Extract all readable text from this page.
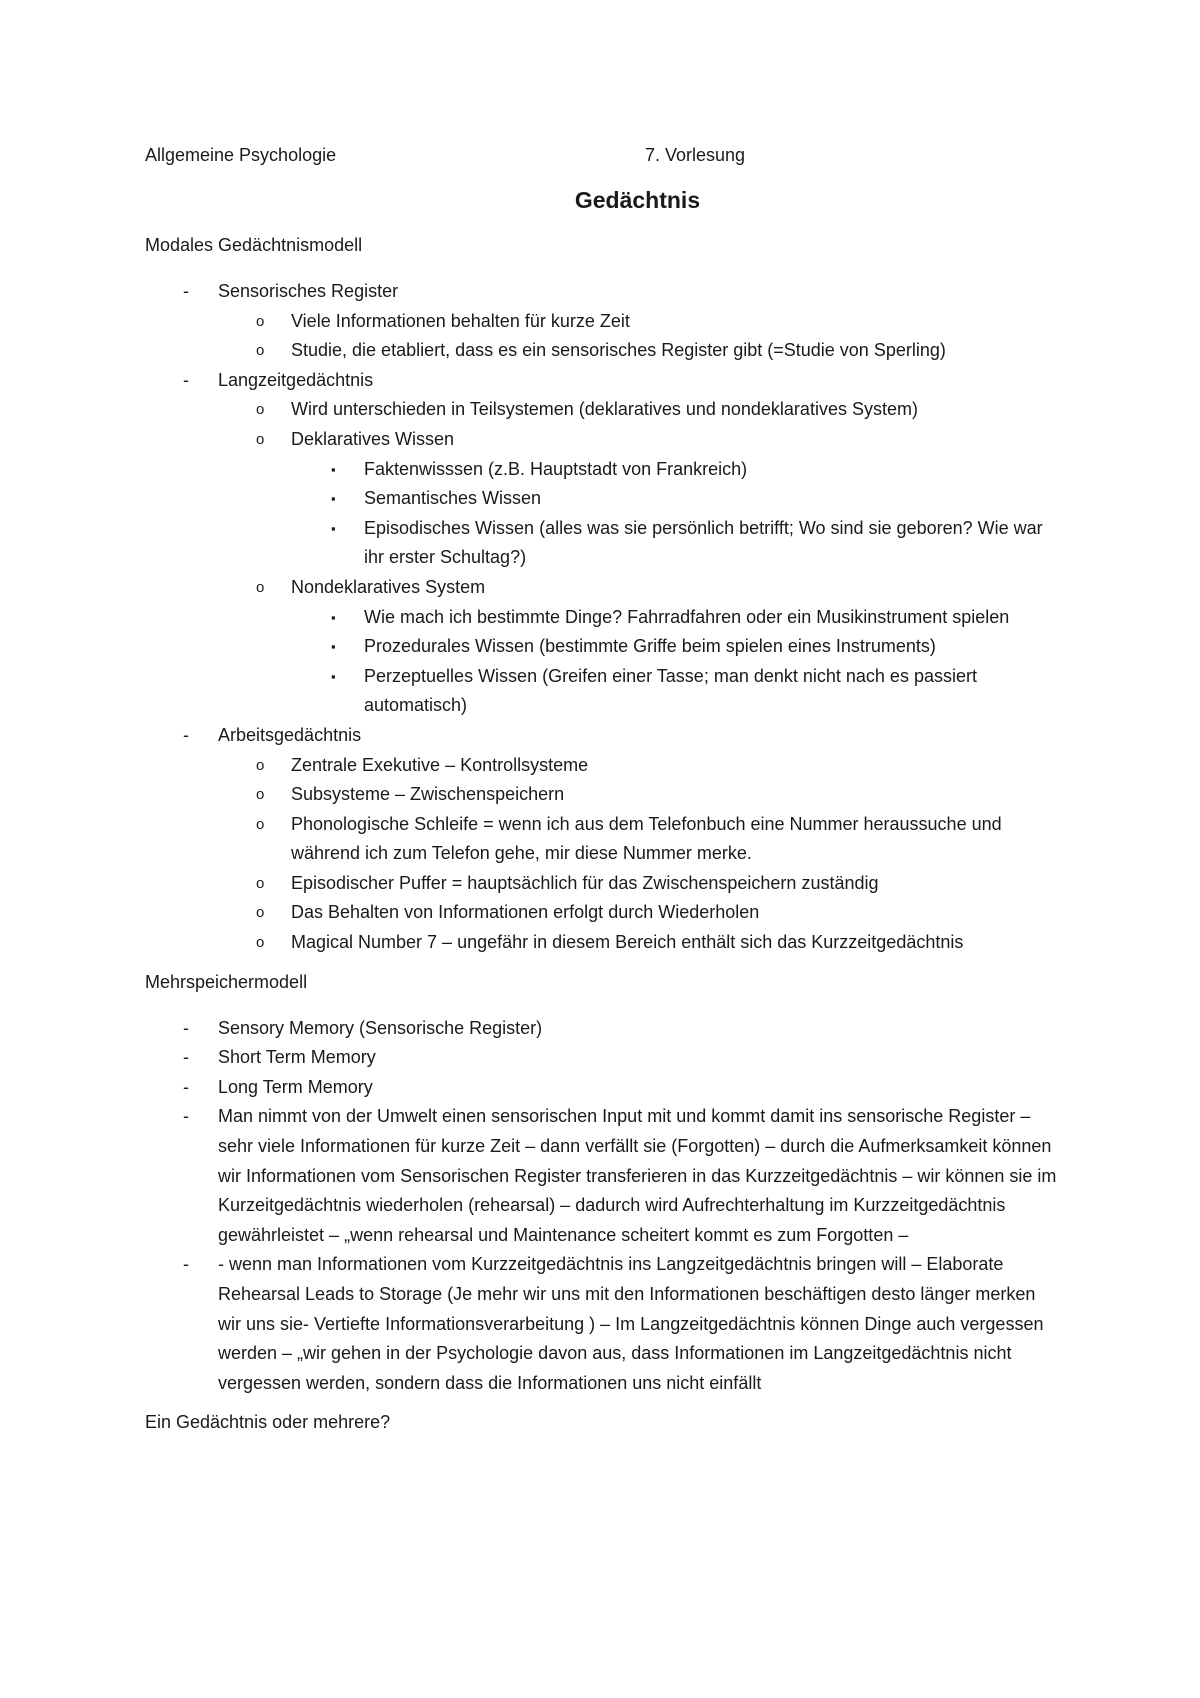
Allgemeine Psychologie	7. Vorlesung
Gedächtnis
Modales Gedächtnismodell
- Sensorisches Register
o Viele Informationen behalten für kurze Zeit
o Studie, die etabliert, dass es ein sensorisches Register gibt (=Studie von Sperling)
- Langzeitgedächtnis
o Wird unterschieden in Teilsystemen (deklaratives und nondeklaratives System)
o Deklaratives Wissen
▪ Faktenwisssen (z.B. Hauptstadt von Frankreich)
▪ Semantisches Wissen
▪ Episodisches Wissen (alles was sie persönlich betrifft; Wo sind sie geboren? Wie war ihr erster Schultag?)
o Nondeklaratives System
▪ Wie mach ich bestimmte Dinge? Fahrradfahren oder ein Musikinstrument spielen
▪ Prozedurales Wissen (bestimmte Griffe beim spielen eines Instruments)
▪ Perzeptuelles Wissen (Greifen einer Tasse; man denkt nicht nach es passiert automatisch)
- Arbeitsgedächtnis
o Zentrale Exekutive – Kontrollsysteme
o Subsysteme – Zwischenspeichern
o Phonologische Schleife = wenn ich aus dem Telefonbuch eine Nummer heraussuche und während ich zum Telefon gehe, mir diese Nummer merke.
o Episodischer Puffer = hauptsächlich für das Zwischenspeichern zuständig
o Das Behalten von Informationen erfolgt durch Wiederholen
o Magical Number 7 – ungefähr in diesem Bereich enthält sich das Kurzzeitgedächtnis
Mehrspeichermodell
- Sensory Memory (Sensorische Register)
- Short Term Memory
- Long Term Memory
- Man nimmt von der Umwelt einen sensorischen Input mit und kommt damit ins sensorische Register – sehr viele Informationen für kurze Zeit – dann verfällt sie (Forgotten) – durch die Aufmerksamkeit können wir Informationen vom Sensorischen Register transferieren in das Kurzzeitgedächtnis – wir können sie im Kurzeitgedächtnis wiederholen (rehearsal) – dadurch wird Aufrechterhaltung im Kurzzeitgedächtnis gewährleistet – „wenn rehearsal und Maintenance scheitert kommt es zum Forgotten –
- - wenn man Informationen vom Kurzzeitgedächtnis ins Langzeitgedächtnis bringen will – Elaborate Rehearsal Leads to Storage (Je mehr wir uns mit den Informationen beschäftigen desto länger merken wir uns sie- Vertiefte Informationsverarbeitung ) – Im Langzeitgedächtnis können Dinge auch vergessen werden – „wir gehen in der Psychologie davon aus, dass Informationen im Langzeitgedächtnis nicht vergessen werden, sondern dass die Informationen uns nicht einfällt
Ein Gedächtnis oder mehrere?
